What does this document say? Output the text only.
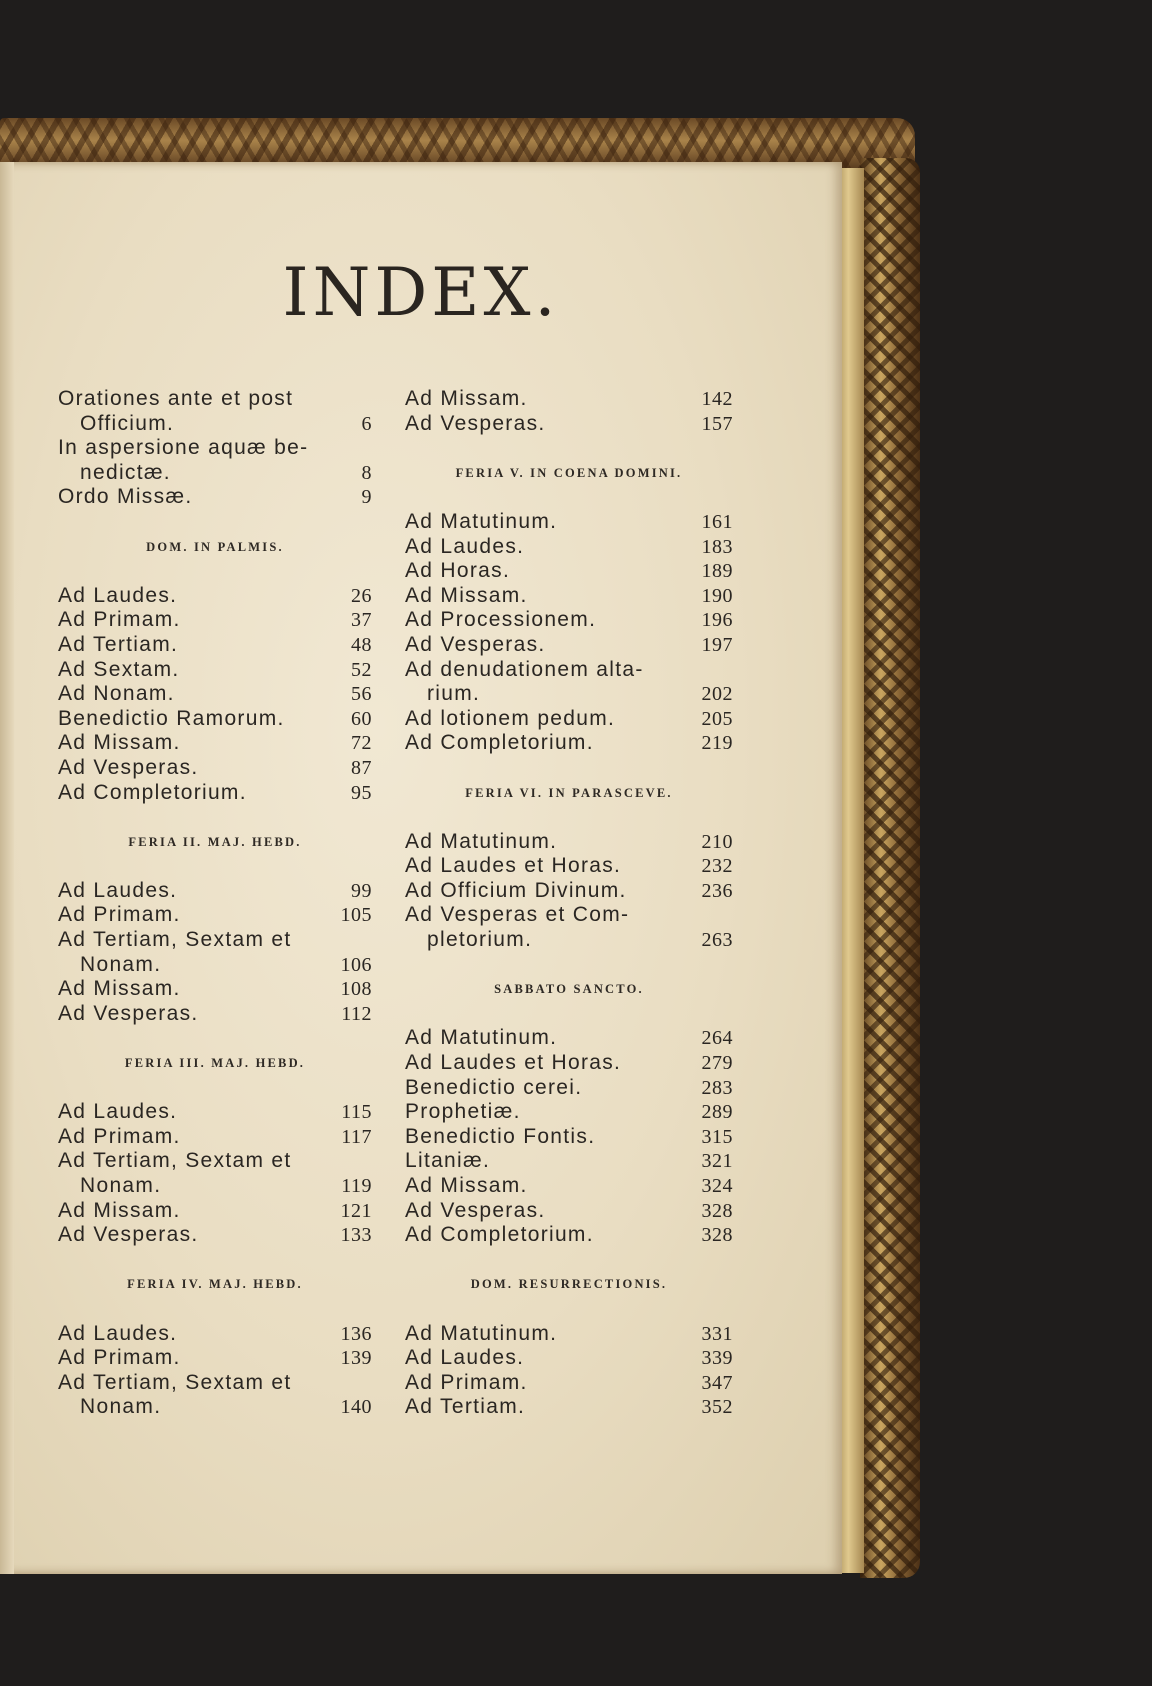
INDEX.
Orationes ante et post
Officium.	6
In aspersione aquæ be-
nedictæ.	8
Ordo Missæ.	9
DOM. IN PALMIS.
Ad Laudes.	26
Ad Primam.	37
Ad Tertiam.	48
Ad Sextam.	52
Ad Nonam.	56
Benedictio Ramorum.	60
Ad Missam.	72
Ad Vesperas.	87
Ad Completorium.	95
FERIA II. MAJ. HEBD.
Ad Laudes.	99
Ad Primam.	105
Ad Tertiam, Sextam et
Nonam.	106
Ad Missam.	108
Ad Vesperas.	112
FERIA III. MAJ. HEBD.
Ad Laudes.	115
Ad Primam.	117
Ad Tertiam, Sextam et
Nonam.	119
Ad Missam.	121
Ad Vesperas.	133
FERIA IV. MAJ. HEBD.
Ad Laudes.	136
Ad Primam.	139
Ad Tertiam, Sextam et
Nonam.	140
Ad Missam.	142
Ad Vesperas.	157
FERIA V. IN COENA DOMINI.
Ad Matutinum.	161
Ad Laudes.	183
Ad Horas.	189
Ad Missam.	190
Ad Processionem.	196
Ad Vesperas.	197
Ad denudationem alta-
rium.	202
Ad lotionem pedum.	205
Ad Completorium.	219
FERIA VI. IN PARASCEVE.
Ad Matutinum.	210
Ad Laudes et Horas.	232
Ad Officium Divinum.	236
Ad Vesperas et Com-
pletorium.	263
SABBATO SANCTO.
Ad Matutinum.	264
Ad Laudes et Horas.	279
Benedictio cerei.	283
Prophetiæ.	289
Benedictio Fontis.	315
Litaniæ.	321
Ad Missam.	324
Ad Vesperas.	328
Ad Completorium.	328
DOM. RESURRECTIONIS.
Ad Matutinum.	331
Ad Laudes.	339
Ad Primam.	347
Ad Tertiam.	352
